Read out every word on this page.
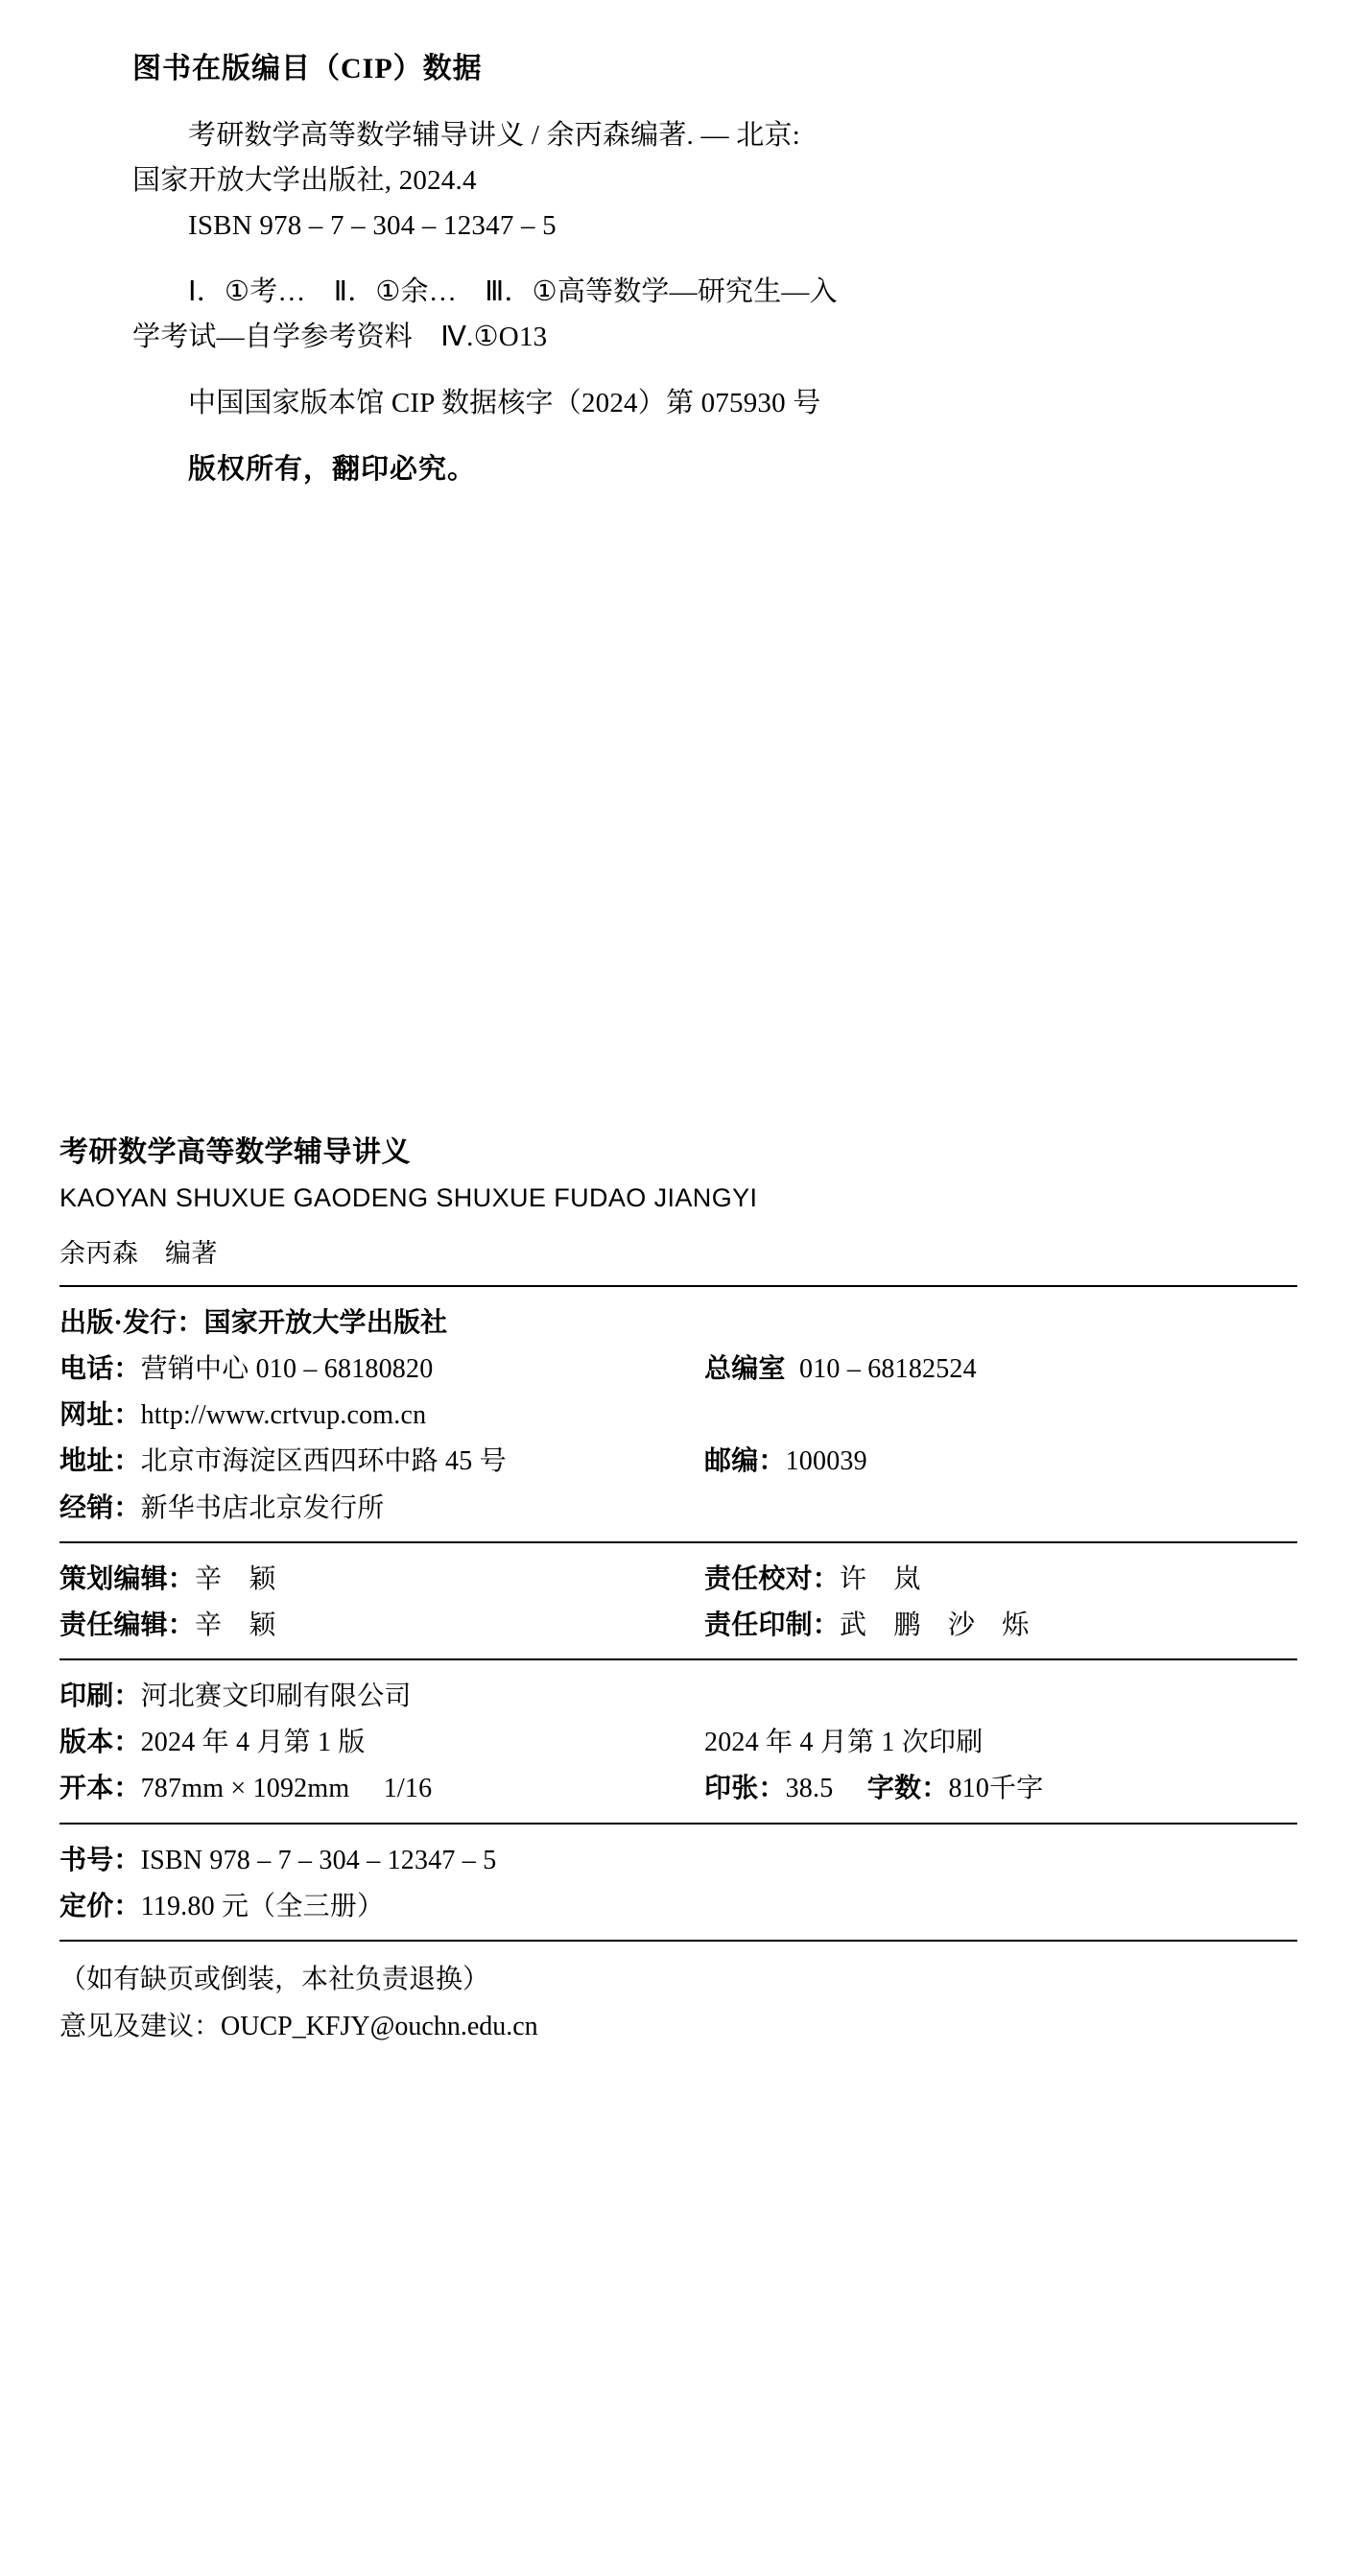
图书在版编目（CIP）数据
考研数学高等数学辅导讲义 / 余丙森编著. –– 北京:
国家开放大学出版社, 2024.4
ISBN 978 – 7 – 304 – 12347 – 5
Ⅰ．①考…　Ⅱ．①余…　Ⅲ．①高等数学—研究生—入
学考试—自学参考资料　Ⅳ.①O13
中国国家版本馆 CIP 数据核字（2024）第 075930 号
版权所有，翻印必究。
考研数学高等数学辅导讲义
KAOYAN SHUXUE GAODENG SHUXUE FUDAO JIANGYI
余丙森　编著
出版·发行：国家开放大学出版社
电话：营销中心 010 – 68180820	总编室 010 – 68182524
网址：http://www.crtvup.com.cn
地址：北京市海淀区西四环中路 45 号	邮编：100039
经销：新华书店北京发行所
策划编辑：辛　颖	责任校对：许　岚
责任编辑：辛　颖	责任印制：武　鹏　沙　烁
印刷：河北赛文印刷有限公司
版本：2024 年 4 月第 1 版	2024 年 4 月第 1 次印刷
开本：787mm × 1092mm　 1/16	印张：38.5　 字数：810千字
书号：ISBN 978 – 7 – 304 – 12347 – 5
定价：119.80 元（全三册）
（如有缺页或倒装，本社负责退换）
意见及建议：OUCP_KFJY@ouchn.edu.cn
